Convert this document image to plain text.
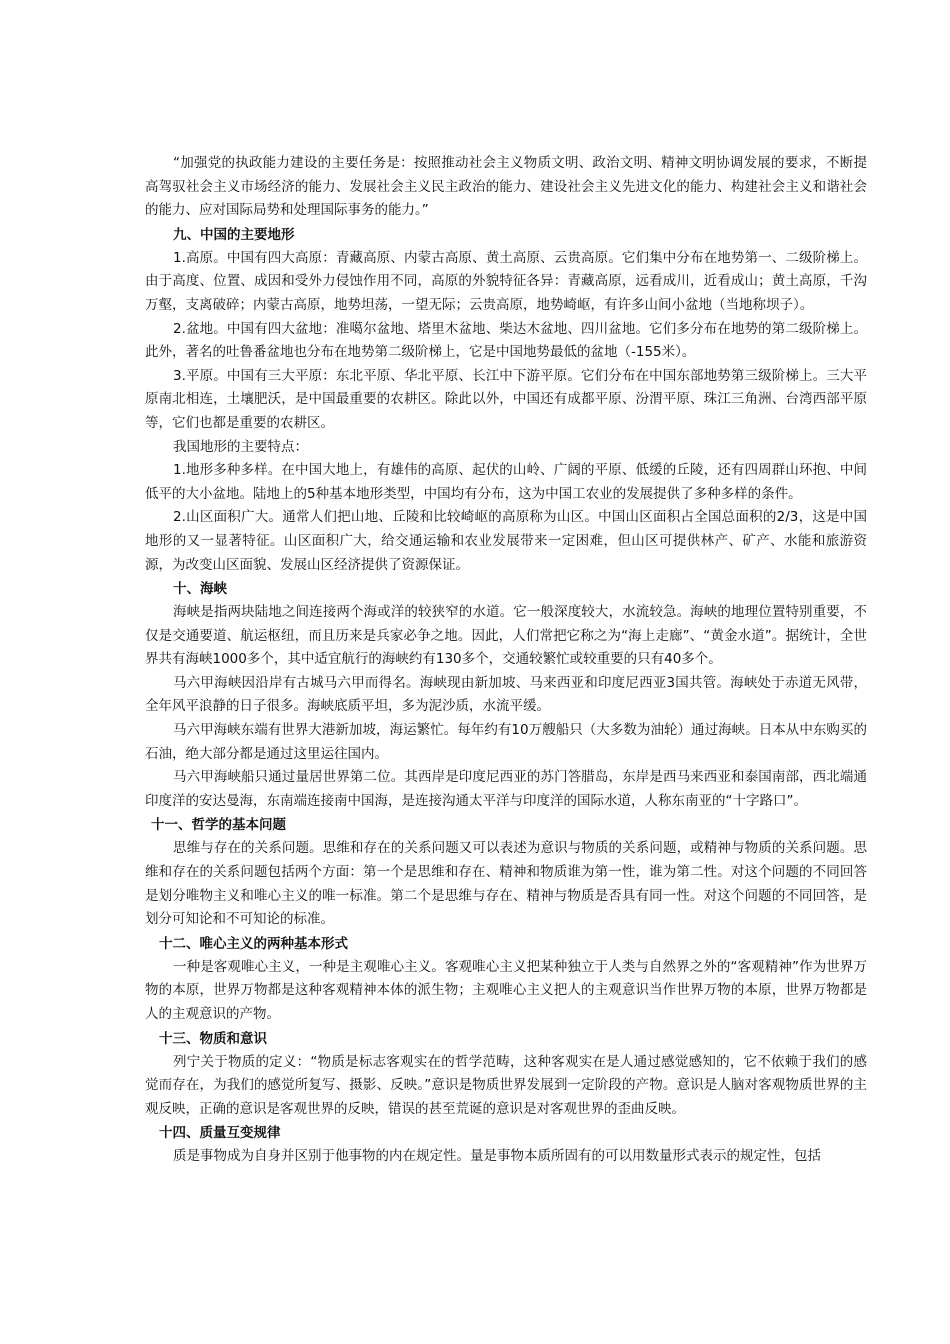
“加强党的执政能力建设的主要任务是：按照推动社会主义物质文明、政治文明、精神文明协调发展的要求，不断提高驾驭社会主义市场经济的能力、发展社会主义民主政治的能力、建设社会主义先进文化的能力、构建社会主义和谐社会的能力、应对国际局势和处理国际事务的能力。”

九、中国的主要地形

1.高原。中国有四大高原：青藏高原、内蒙古高原、黄土高原、云贵高原。它们集中分布在地势第一、二级阶梯上。由于高度、位置、成因和受外力侵蚀作用不同，高原的外貌特征各异：青藏高原，远看成川，近看成山；黄土高原，千沟万壑，支离破碎；内蒙古高原，地势坦荡，一望无际；云贵高原，地势崎岖，有许多山间小盆地（当地称坝子）。

2.盆地。中国有四大盆地：准噶尔盆地、塔里木盆地、柴达木盆地、四川盆地。它们多分布在地势的第二级阶梯上。此外，著名的吐鲁番盆地也分布在地势第二级阶梯上，它是中国地势最低的盆地（-155米）。

3.平原。中国有三大平原：东北平原、华北平原、长江中下游平原。它们分布在中国东部地势第三级阶梯上。三大平原南北相连，土壤肥沃，是中国最重要的农耕区。除此以外，中国还有成都平原、汾渭平原、珠江三角洲、台湾西部平原等，它们也都是重要的农耕区。

我国地形的主要特点：

1.地形多种多样。在中国大地上，有雄伟的高原、起伏的山岭、广阔的平原、低缓的丘陵，还有四周群山环抱、中间低平的大小盆地。陆地上的5种基本地形类型，中国均有分布，这为中国工农业的发展提供了多种多样的条件。

2.山区面积广大。通常人们把山地、丘陵和比较崎岖的高原称为山区。中国山区面积占全国总面积的2/3，这是中国地形的又一显著特征。山区面积广大，给交通运输和农业发展带来一定困难，但山区可提供林产、矿产、水能和旅游资源，为改变山区面貌、发展山区经济提供了资源保证。

十、海峡

海峡是指两块陆地之间连接两个海或洋的较狭窄的水道。它一般深度较大，水流较急。海峡的地理位置特别重要，不仅是交通要道、航运枢纽，而且历来是兵家必争之地。因此，人们常把它称之为“海上走廊”、“黄金水道”。据统计，全世界共有海峡1000多个，其中适宜航行的海峡约有130多个，交通较繁忙或较重要的只有40多个。

马六甲海峡因沿岸有古城马六甲而得名。海峡现由新加坡、马来西亚和印度尼西亚3国共管。海峡处于赤道无风带，全年风平浪静的日子很多。海峡底质平坦，多为泥沙质，水流平缓。

马六甲海峡东端有世界大港新加坡，海运繁忙。每年约有10万艘船只（大多数为油轮）通过海峡。日本从中东购买的石油，绝大部分都是通过这里运往国内。

马六甲海峡船只通过量居世界第二位。其西岸是印度尼西亚的苏门答腊岛，东岸是西马来西亚和泰国南部，西北端通印度洋的安达曼海，东南端连接南中国海，是连接沟通太平洋与印度洋的国际水道，人称东南亚的“十字路口”。

十一、哲学的基本问题

思维与存在的关系问题。思维和存在的关系问题又可以表述为意识与物质的关系问题，或精神与物质的关系问题。思维和存在的关系问题包括两个方面：第一个是思维和存在、精神和物质谁为第一性，谁为第二性。对这个问题的不同回答是划分唯物主义和唯心主义的唯一标准。第二个是思维与存在、精神与物质是否具有同一性。对这个问题的不同回答，是划分可知论和不可知论的标准。

十二、唯心主义的两种基本形式

一种是客观唯心主义，一种是主观唯心主义。客观唯心主义把某种独立于人类与自然界之外的“客观精神”作为世界万物的本原，世界万物都是这种客观精神本体的派生物；主观唯心主义把人的主观意识当作世界万物的本原，世界万物都是人的主观意识的产物。

十三、物质和意识

列宁关于物质的定义：“物质是标志客观实在的哲学范畴，这种客观实在是人通过感觉感知的，它不依赖于我们的感觉而存在，为我们的感觉所复写、摄影、反映。”意识是物质世界发展到一定阶段的产物。意识是人脑对客观物质世界的主观反映，正确的意识是客观世界的反映，错误的甚至荒诞的意识是对客观世界的歪曲反映。

十四、质量互变规律

质是事物成为自身并区别于他事物的内在规定性。量是事物本质所固有的可以用数量形式表示的规定性，包括
